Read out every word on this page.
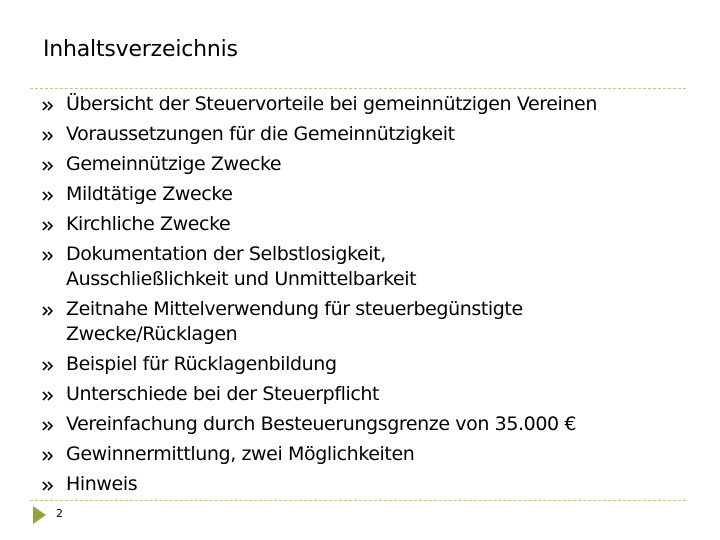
Inhaltsverzeichnis
Übersicht der Steuervorteile bei gemeinnützigen Vereinen
Voraussetzungen für die Gemeinnützigkeit
Gemeinnützige Zwecke
Mildtätige Zwecke
Kirchliche Zwecke
Dokumentation der Selbstlosigkeit,
Ausschließlichkeit und Unmittelbarkeit
Zeitnahe Mittelverwendung für steuerbegünstigte
Zwecke/Rücklagen
Beispiel für Rücklagenbildung
Unterschiede bei der Steuerpflicht
Vereinfachung durch Besteuerungsgrenze von 35.000 €
Gewinnermittlung, zwei Möglichkeiten
Hinweis
2
